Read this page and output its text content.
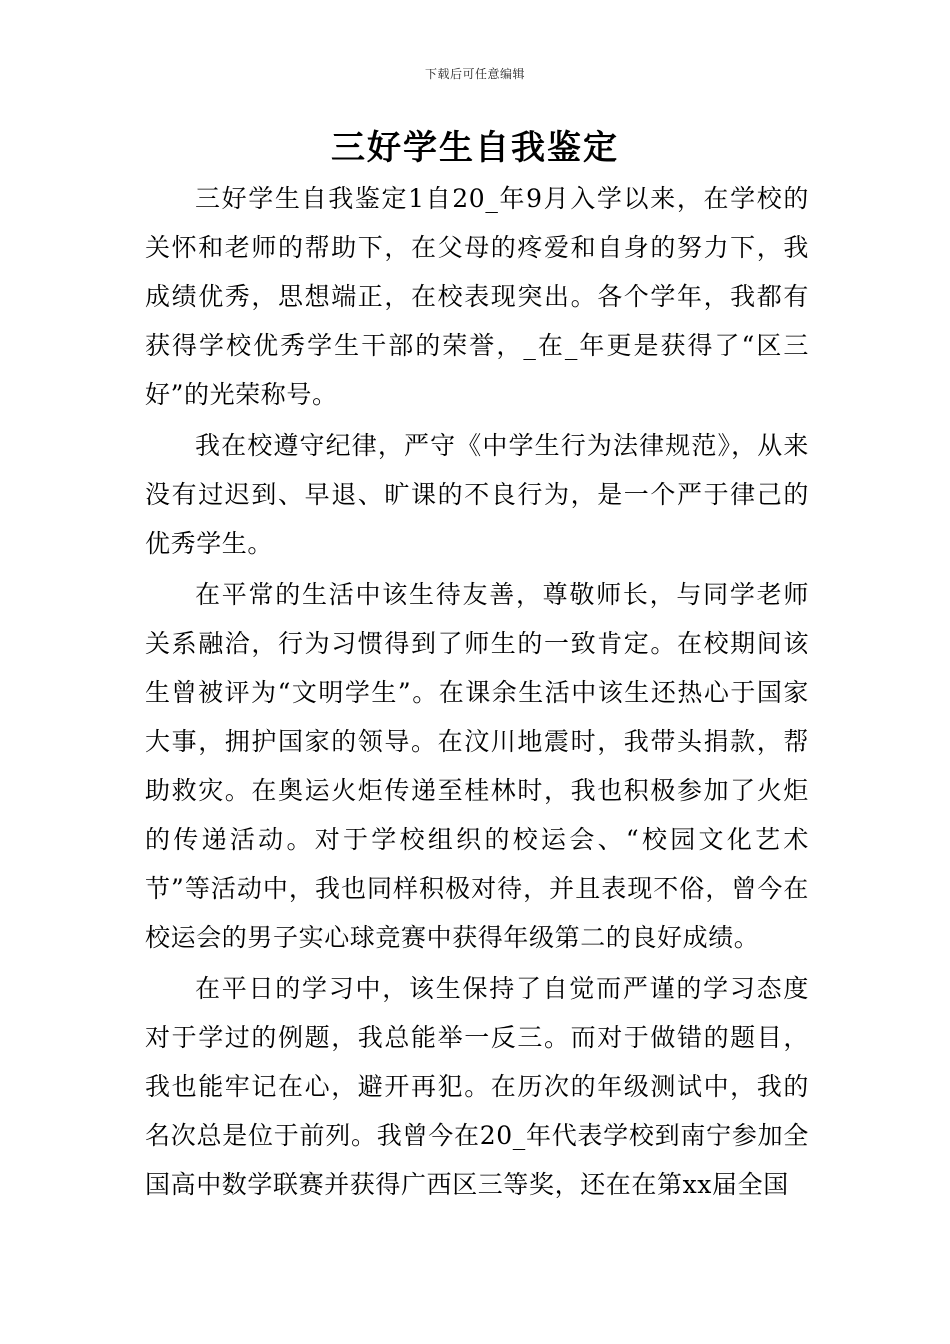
下载后可任意编辑
三好学生自我鉴定

三好学生自我鉴定1自20_年9月入学以来，在学校的关怀和老师的帮助下，在父母的疼爱和自身的努力下，我成绩优秀，思想端正，在校表现突出。各个学年，我都有获得学校优秀学生干部的荣誉，_在_年更是获得了“区三好”的光荣称号。

我在校遵守纪律，严守《中学生行为法律规范》，从来没有过迟到、早退、旷课的不良行为，是一个严于律己的优秀学生。

在平常的生活中该生待友善，尊敬师长，与同学老师关系融洽，行为习惯得到了师生的一致肯定。在校期间该生曾被评为“文明学生”。在课余生活中该生还热心于国家大事，拥护国家的领导。在汶川地震时，我带头捐款，帮助救灾。在奥运火炬传递至桂林时，我也积极参加了火炬的传递活动。对于学校组织的校运会、“校园文化艺术节”等活动中，我也同样积极对待，并且表现不俗，曾今在校运会的男子实心球竞赛中获得年级第二的良好成绩。

在平日的学习中，该生保持了自觉而严谨的学习态度对于学过的例题，我总能举一反三。而对于做错的题目，我也能牢记在心，避开再犯。在历次的年级测试中，我的名次总是位于前列。我曾今在20_年代表学校到南宁参加全国高中数学联赛并获得广西区三等奖，还在在第xx届全国
